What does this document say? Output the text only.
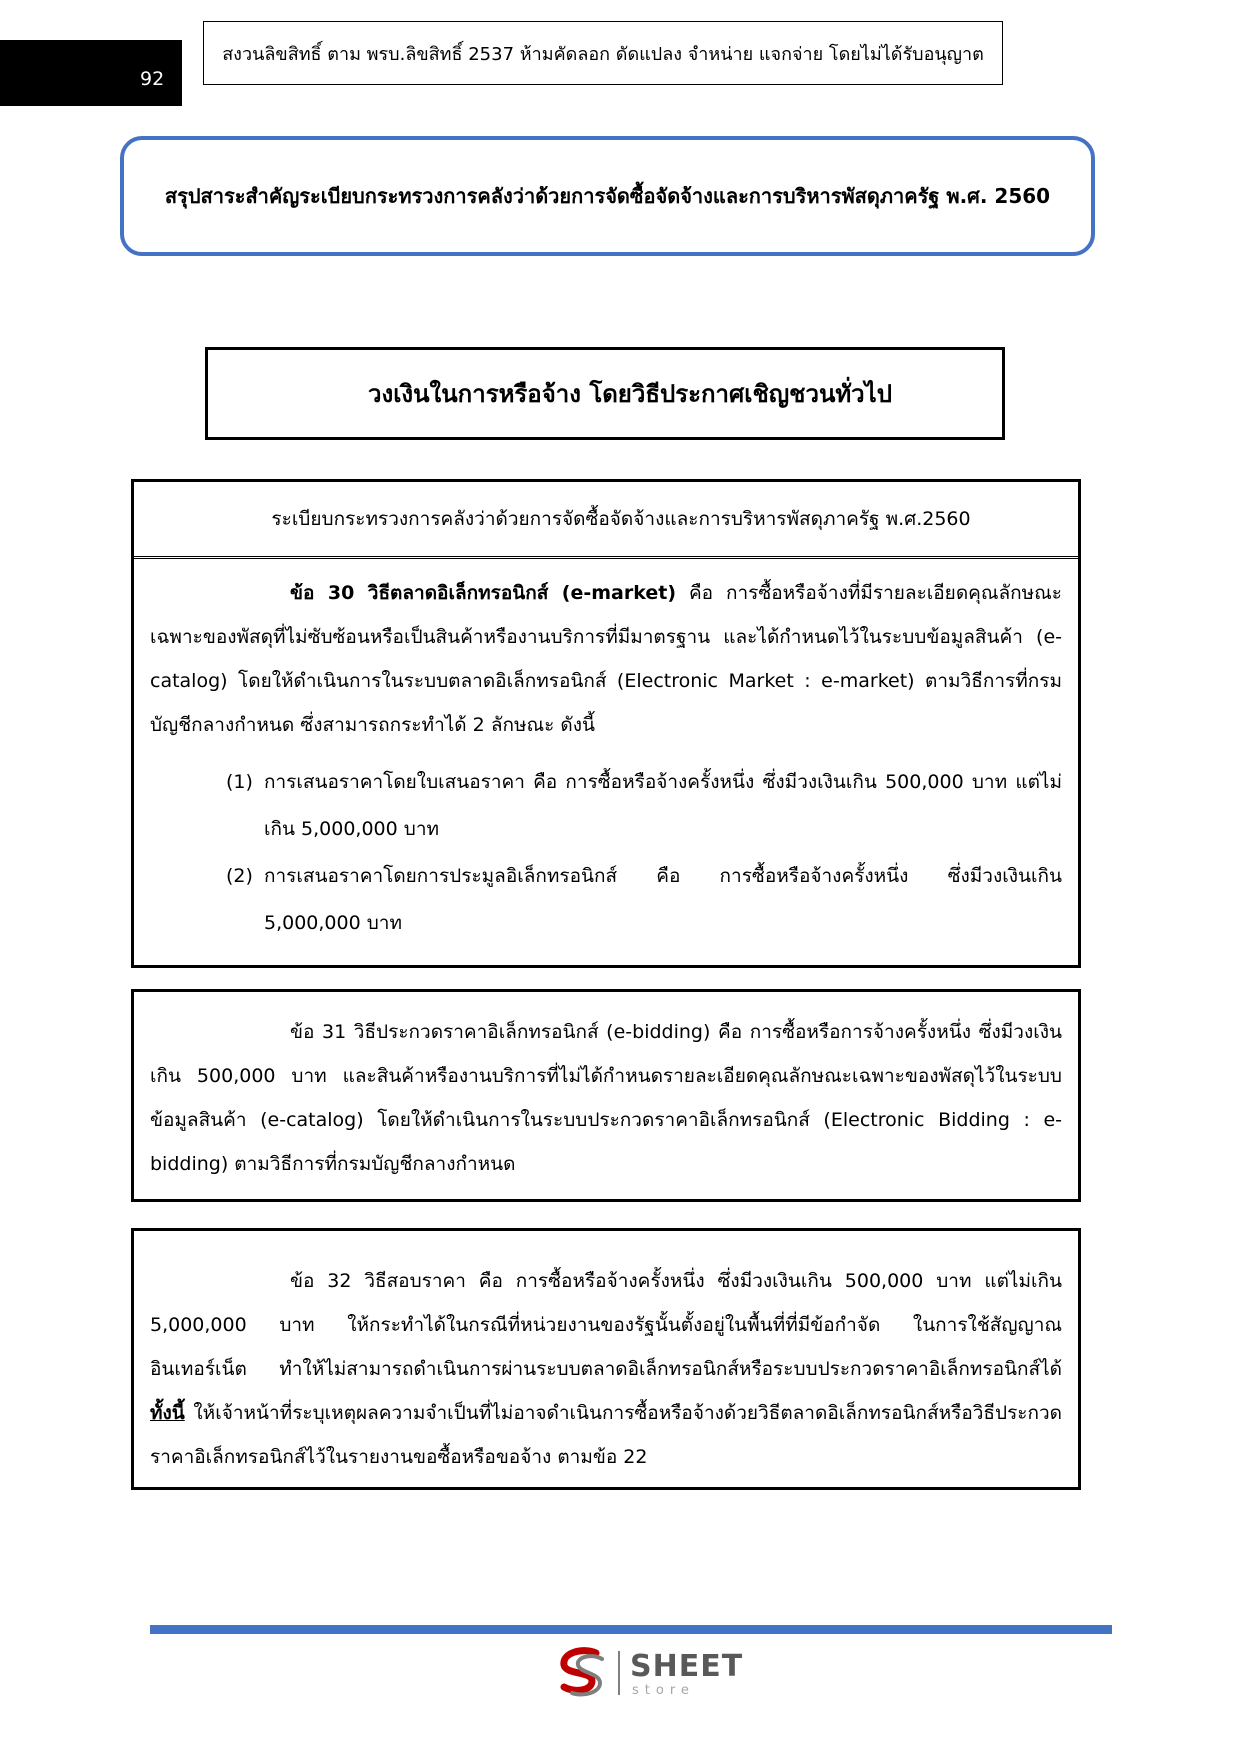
92
สงวนลิขสิทธิ์ ตาม พรบ.ลิขสิทธิ์ 2537 ห้ามคัดลอก ดัดแปลง จำหน่าย แจกจ่าย โดยไม่ได้รับอนุญาต
สรุปสาระสำคัญระเบียบกระทรวงการคลังว่าด้วยการจัดซื้อจัดจ้างและการบริหารพัสดุภาครัฐ พ.ศ. 2560
วงเงินในการหรือจ้าง โดยวิธีประกาศเชิญชวนทั่วไป
ระเบียบกระทรวงการคลังว่าด้วยการจัดซื้อจัดจ้างและการบริหารพัสดุภาครัฐ พ.ศ.2560
ข้อ 30 วิธีตลาดอิเล็กทรอนิกส์ (e-market) คือ การซื้อหรือจ้างที่มีรายละเอียดคุณลักษณะเฉพาะของพัสดุที่ไม่ซับซ้อนหรือเป็นสินค้าหรืองานบริการที่มีมาตรฐาน และได้กำหนดไว้ในระบบข้อมูลสินค้า (e-catalog) โดยให้ดำเนินการในระบบตลาดอิเล็กทรอนิกส์ (Electronic Market : e-market) ตามวิธีการที่กรมบัญชีกลางกำหนด ซึ่งสามารถกระทำได้ 2 ลักษณะ ดังนี้
(1) การเสนอราคาโดยใบเสนอราคา คือ การซื้อหรือจ้างครั้งหนึ่ง ซึ่งมีวงเงินเกิน 500,000 บาท แต่ไม่เกิน 5,000,000 บาท
(2) การเสนอราคาโดยการประมูลอิเล็กทรอนิกส์ คือ การซื้อหรือจ้างครั้งหนึ่ง ซึ่งมีวงเงินเกิน 5,000,000 บาท
ข้อ 31 วิธีประกวดราคาอิเล็กทรอนิกส์ (e-bidding) คือ การซื้อหรือการจ้างครั้งหนึ่ง ซึ่งมีวงเงินเกิน 500,000 บาท และสินค้าหรืองานบริการที่ไม่ได้กำหนดรายละเอียดคุณลักษณะเฉพาะของพัสดุไว้ในระบบข้อมูลสินค้า (e-catalog) โดยให้ดำเนินการในระบบประกวดราคาอิเล็กทรอนิกส์ (Electronic Bidding : e-bidding) ตามวิธีการที่กรมบัญชีกลางกำหนด
ข้อ 32 วิธีสอบราคา คือ การซื้อหรือจ้างครั้งหนึ่ง ซึ่งมีวงเงินเกิน 500,000 บาท แต่ไม่เกิน 5,000,000 บาท ให้กระทำได้ในกรณีที่หน่วยงานของรัฐนั้นตั้งอยู่ในพื้นที่ที่มีข้อกำจัด ในการใช้สัญญาณอินเทอร์เน็ต ทำให้ไม่สามารถดำเนินการผ่านระบบตลาดอิเล็กทรอนิกส์หรือระบบประกวดราคาอิเล็กทรอนิกส์ได้ ทั้งนี้ ให้เจ้าหน้าที่ระบุเหตุผลความจำเป็นที่ไม่อาจดำเนินการซื้อหรือจ้างด้วยวิธีตลาดอิเล็กทรอนิกส์หรือวิธีประกวดราคาอิเล็กทรอนิกส์ไว้ในรายงานขอซื้อหรือขอจ้าง ตามข้อ 22
SHEET
store
